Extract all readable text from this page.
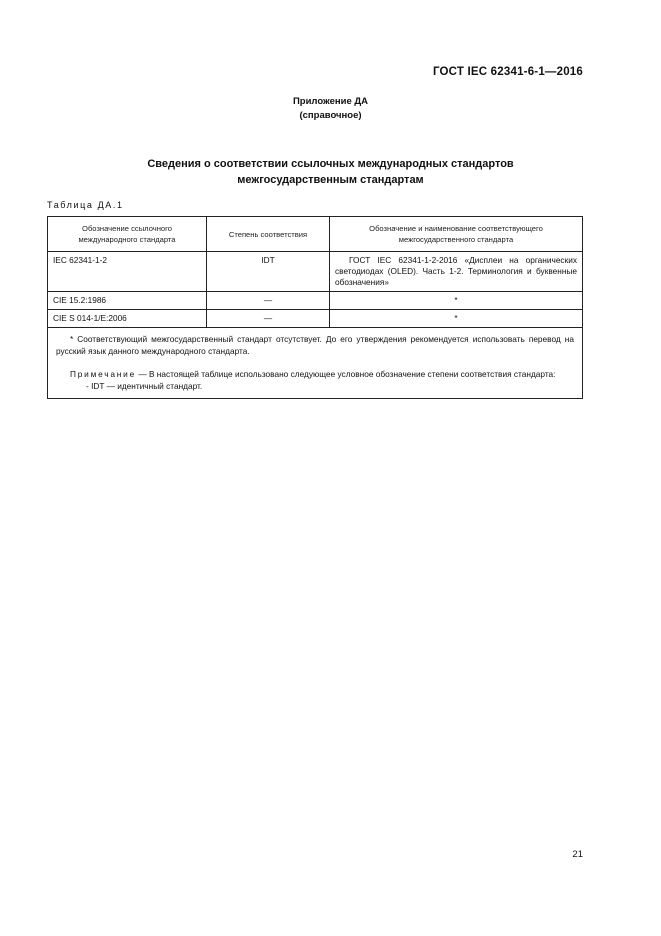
ГОСТ IEC 62341-6-1—2016
Приложение ДА
(справочное)
Сведения о соответствии ссылочных международных стандартов
межгосударственным стандартам
Таблица ДА.1
Обозначение ссылочного международного стандарта	Степень соответствия	Обозначение и наименование соответствующего межгосударственного стандарта
IEC 62341-1-2	IDT	ГОСТ IEC 62341-1-2-2016 «Дисплеи на органических светодиодах (OLED). Часть 1-2. Терминология и буквенные обозначения»
CIE 15.2:1986	—	*
CIE S 014-1/E:2006	—	*

* Соответствующий межгосударственный стандарт отсутствует. До его утверждения рекомендуется использовать перевод на русский язык данного международного стандарта.

Примечание — В настоящей таблице использовано следующее условное обозначение степени соответствия стандарта:

- IDT — идентичный стандарт.		

21
